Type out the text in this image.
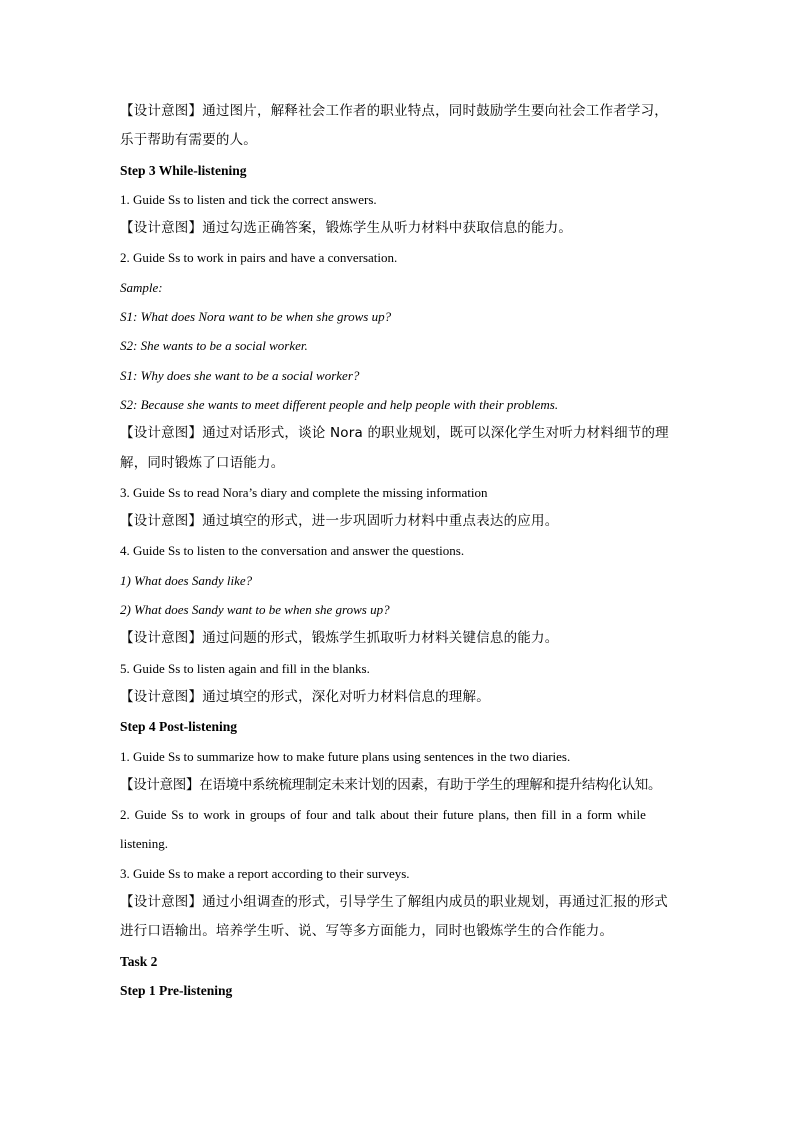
【设计意图】通过图片，解释社会工作者的职业特点，同时鼓励学生要向社会工作者学习，
乐于帮助有需要的人。
Step 3 While-listening
1. Guide Ss to listen and tick the correct answers.
【设计意图】通过勾选正确答案，锻炼学生从听力材料中获取信息的能力。
2. Guide Ss to work in pairs and have a conversation.
Sample:
S1: What does Nora want to be when she grows up?
S2: She wants to be a social worker.
S1: Why does she want to be a social worker?
S2: Because she wants to meet different people and help people with their problems.
【设计意图】通过对话形式，谈论 Nora 的职业规划，既可以深化学生对听力材料细节的理
解，同时锻炼了口语能力。
3. Guide Ss to read Nora’s diary and complete the missing information
【设计意图】通过填空的形式，进一步巩固听力材料中重点表达的应用。
4. Guide Ss to listen to the conversation and answer the questions.
1) What does Sandy like?
2) What does Sandy want to be when she grows up?
【设计意图】通过问题的形式，锻炼学生抓取听力材料关键信息的能力。
5. Guide Ss to listen again and fill in the blanks.
【设计意图】通过填空的形式，深化对听力材料信息的理解。
Step 4 Post-listening
1. Guide Ss to summarize how to make future plans using sentences in the two diaries.
【设计意图】在语境中系统梳理制定未来计划的因素，有助于学生的理解和提升结构化认知。
2. Guide Ss to work in groups of four and talk about their future plans, then fill in a form while
listening.
3. Guide Ss to make a report according to their surveys.
【设计意图】通过小组调查的形式，引导学生了解组内成员的职业规划，再通过汇报的形式
进行口语输出。培养学生听、说、写等多方面能力，同时也锻炼学生的合作能力。
Task 2
Step 1 Pre-listening
